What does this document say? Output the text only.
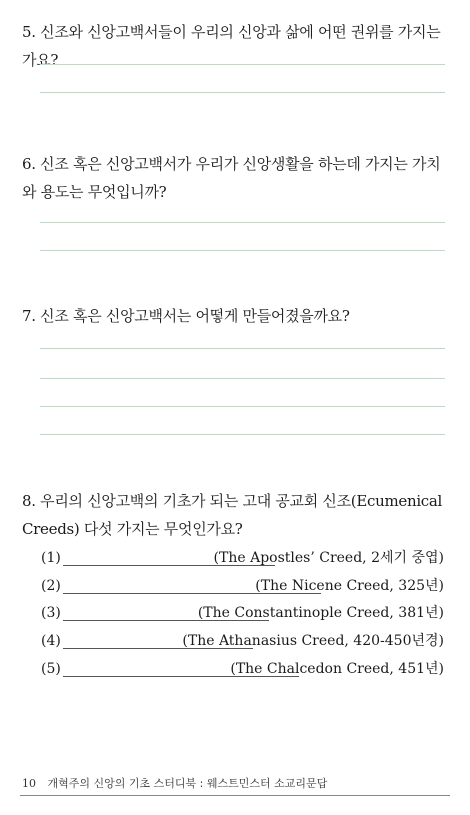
5. 신조와 신앙고백서들이 우리의 신앙과 삶에 어떤 권위를 가지는가요?

6. 신조 혹은 신앙고백서가 우리가 신앙생활을 하는데 가지는 가치와 용도는 무엇입니까?

7. 신조 혹은 신앙고백서는 어떻게 만들어졌을까요?

8. 우리의 신앙고백의 기초가 되는 고대 공교회 신조(Ecumenical Creeds) 다섯 가지는 무엇인가요?

(1)	(The Apostles’ Creed, 2세기 중엽)
(2)	(The Nicene Creed, 325년)
(3)	(The Constantinople Creed, 381년)
(4)	(The Athanasius Creed, 420-450년경)
(5)	(The Chalcedon Creed, 451년)
10 개혁주의 신앙의 기초 스터디북 : 웨스트민스터 소교리문답
